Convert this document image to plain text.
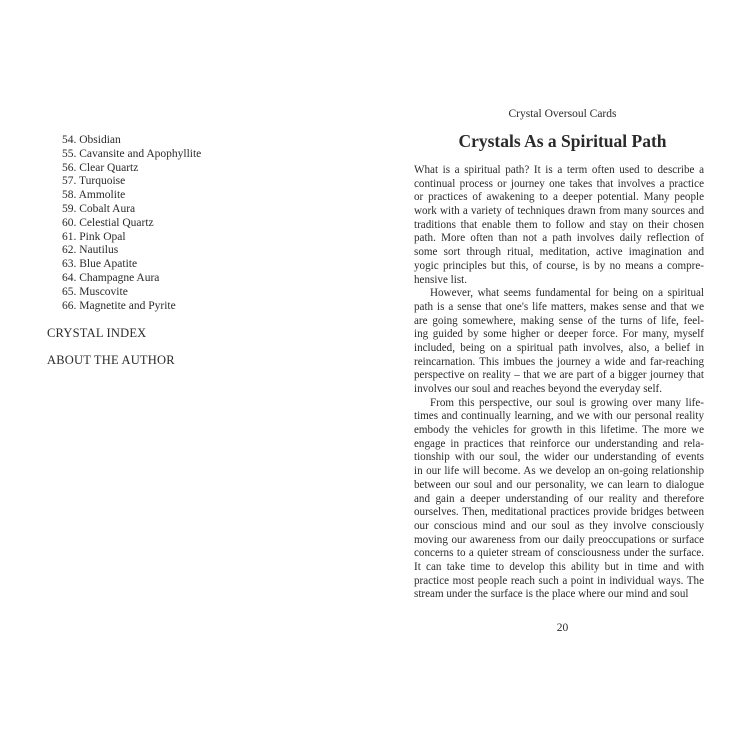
54. Obsidian
55. Cavansite and Apophyllite
56. Clear Quartz
57. Turquoise
58. Ammolite
59. Cobalt Aura
60. Celestial Quartz
61. Pink Opal
62. Nautilus
63. Blue Apatite
64. Champagne Aura
65. Muscovite
66. Magnetite and Pyrite
CRYSTAL INDEX
ABOUT THE AUTHOR
Crystal Oversoul Cards
Crystals As a Spiritual Path
What is a spiritual path? It is a term often used to describe a
continual process or journey one takes that involves a practice
or practices of awakening to a deeper potential. Many people
work with a variety of techniques drawn from many sources and
traditions that enable them to follow and stay on their chosen
path. More often than not a path involves daily reflection of
some sort through ritual, meditation, active imagination and
yogic principles but this, of course, is by no means a compre-
hensive list.
However, what seems fundamental for being on a spiritual
path is a sense that one's life matters, makes sense and that we
are going somewhere, making sense of the turns of life, feel-
ing guided by some higher or deeper force. For many, myself
included, being on a spiritual path involves, also, a belief in
reincarnation. This imbues the journey a wide and far-reaching
perspective on reality – that we are part of a bigger journey that
involves our soul and reaches beyond the everyday self.
From this perspective, our soul is growing over many life-
times and continually learning, and we with our personal reality
embody the vehicles for growth in this lifetime. The more we
engage in practices that reinforce our understanding and rela-
tionship with our soul, the wider our understanding of events
in our life will become. As we develop an on-going relationship
between our soul and our personality, we can learn to dialogue
and gain a deeper understanding of our reality and therefore
ourselves. Then, meditational practices provide bridges between
our conscious mind and our soul as they involve consciously
moving our awareness from our daily preoccupations or surface
concerns to a quieter stream of consciousness under the surface.
It can take time to develop this ability but in time and with
practice most people reach such a point in individual ways. The
stream under the surface is the place where our mind and soul
20
